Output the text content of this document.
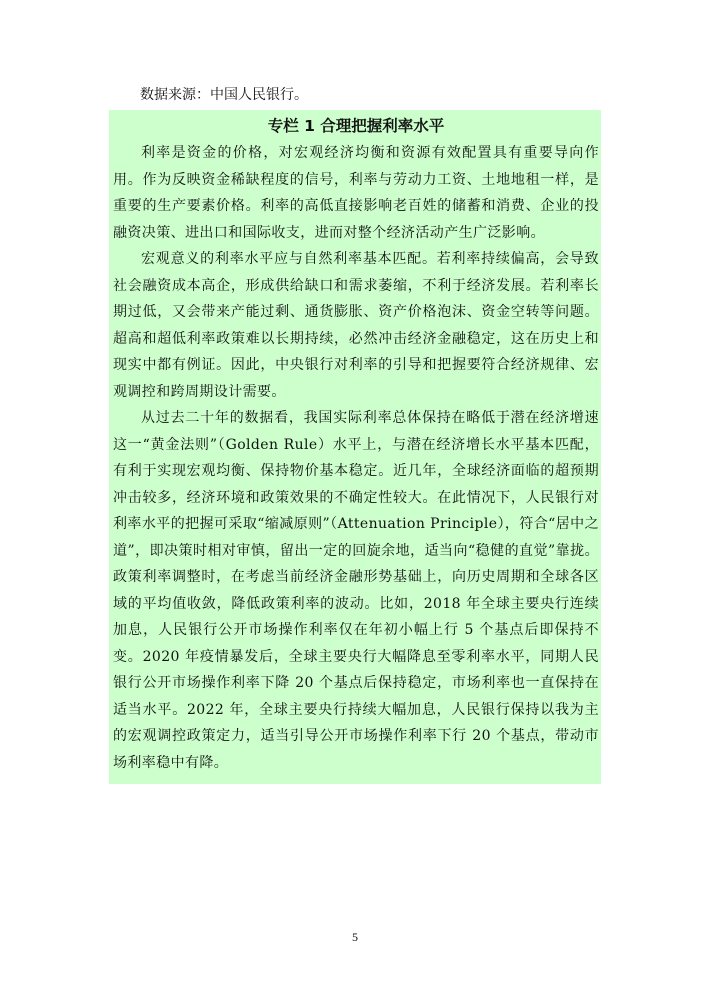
数据来源：中国人民银行。
专栏 1 合理把握利率水平

利率是资金的价格，对宏观经济均衡和资源有效配置具有重要导向作用。作为反映资金稀缺程度的信号，利率与劳动力工资、土地地租一样，是重要的生产要素价格。利率的高低直接影响老百姓的储蓄和消费、企业的投融资决策、进出口和国际收支，进而对整个经济活动产生广泛影响。

宏观意义的利率水平应与自然利率基本匹配。若利率持续偏高，会导致社会融资成本高企，形成供给缺口和需求萎缩，不利于经济发展。若利率长期过低，又会带来产能过剩、通货膨胀、资产价格泡沫、资金空转等问题。超高和超低利率政策难以长期持续，必然冲击经济金融稳定，这在历史上和现实中都有例证。因此，中央银行对利率的引导和把握要符合经济规律、宏观调控和跨周期设计需要。

从过去二十年的数据看，我国实际利率总体保持在略低于潜在经济增速这一“黄金法则”（Golden Rule）水平上，与潜在经济增长水平基本匹配，有利于实现宏观均衡、保持物价基本稳定。近几年，全球经济面临的超预期冲击较多，经济环境和政策效果的不确定性较大。在此情况下，人民银行对利率水平的把握可采取“缩减原则”（Attenuation Principle），符合“居中之道”，即决策时相对审慎，留出一定的回旋余地，适当向“稳健的直觉”靠拢。政策利率调整时，在考虑当前经济金融形势基础上，向历史周期和全球各区域的平均值收敛，降低政策利率的波动。比如，2018 年全球主要央行连续加息，人民银行公开市场操作利率仅在年初小幅上行 5 个基点后即保持不变。2020 年疫情暴发后，全球主要央行大幅降息至零利率水平，同期人民银行公开市场操作利率下降 20 个基点后保持稳定，市场利率也一直保持在适当水平。2022 年，全球主要央行持续大幅加息，人民银行保持以我为主的宏观调控政策定力，适当引导公开市场操作利率下行 20 个基点，带动市场利率稳中有降。

5
